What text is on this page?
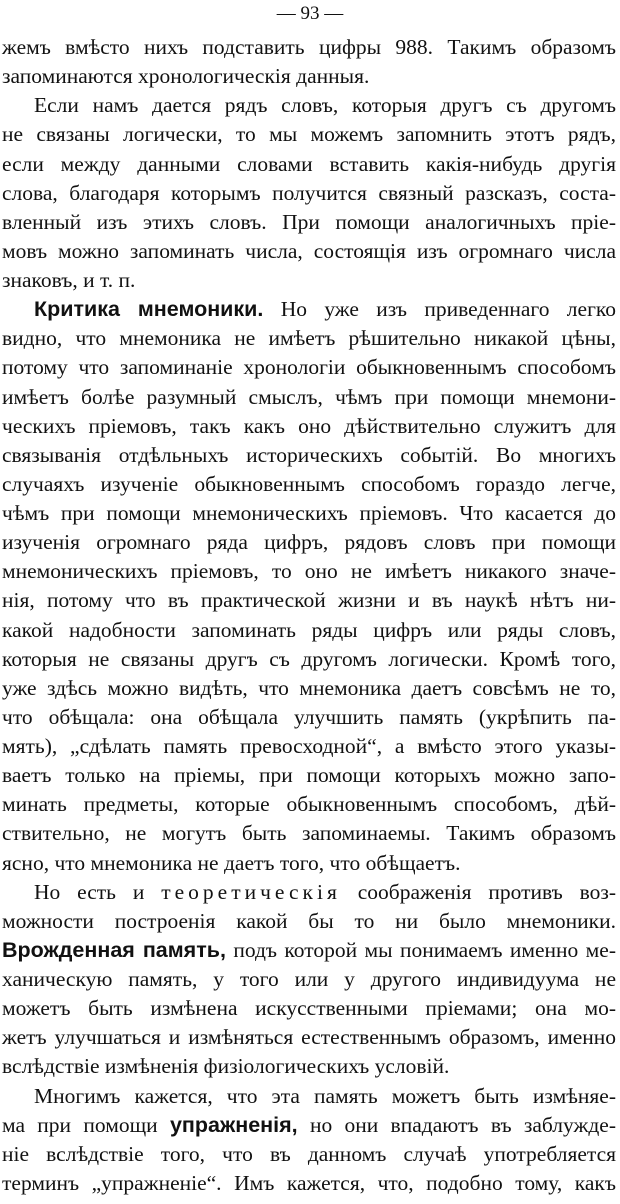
— 93 —
жемъ вмѣсто нихъ подставить цифры 988. Такимъ образомъ
запоминаются хронологическія данныя.
Если намъ дается рядъ словъ, которыя другъ съ другомъ
не связаны логически, то мы можемъ запомнить этотъ рядъ,
если между данными словами вставить какія-нибудь другія
слова, благодаря которымъ получится связный разсказъ, соста-
вленный изъ этихъ словъ. При помощи аналогичныхъ пріе-
мовъ можно запоминать числа, состоящія изъ огромнаго числа
знаковъ, и т. п.
Критика мнемоники. Но уже изъ приведеннаго легко
видно, что мнемоника не имѣетъ рѣшительно никакой цѣны,
потому что запоминаніе хронологіи обыкновеннымъ способомъ
имѣетъ болѣе разумный смыслъ, чѣмъ при помощи мнемони-
ческихъ пріемовъ, такъ какъ оно дѣйствительно служитъ для
связыванія отдѣльныхъ историческихъ событій. Во многихъ
случаяхъ изученіе обыкновеннымъ способомъ гораздо легче,
чѣмъ при помощи мнемоническихъ пріемовъ. Что касается до
изученія огромнаго ряда цифръ, рядовъ словъ при помощи
мнемоническихъ пріемовъ, то оно не имѣетъ никакого значе-
нія, потому что въ практической жизни и въ наукѣ нѣтъ ни-
какой надобности запоминать ряды цифръ или ряды словъ,
которыя не связаны другъ съ другомъ логически. Кромѣ того,
уже здѣсь можно видѣть, что мнемоника даетъ совсѣмъ не то,
что обѣщала: она обѣщала улучшить память (укрѣпить па-
мять), „сдѣлать память превосходной“, а вмѣсто этого указы-
ваетъ только на пріемы, при помощи которыхъ можно запо-
минать предметы, которые обыкновеннымъ способомъ, дѣй-
ствительно, не могутъ быть запоминаемы. Такимъ образомъ
ясно, что мнемоника не даетъ того, что обѣщаетъ.
Но есть и теоретическія соображенія противъ воз-
можности построенія какой бы то ни было мнемоники.
Врожденная память, подъ которой мы понимаемъ именно ме-
ханическую память, у того или у другого индивидуума не
можетъ быть измѣнена искусственными пріемами; она мо-
жетъ улучшаться и измѣняться естественнымъ образомъ, именно
вслѣдствіе измѣненія физіологическихъ условій.
Многимъ кажется, что эта память можетъ быть измѣняе-
ма при помощи упражненія, но они впадаютъ въ заблужде-
ніе вслѣдствіе того, что въ данномъ случаѣ употребляется
терминъ „упражненіе“. Имъ кажется, что, подобно тому, какъ
